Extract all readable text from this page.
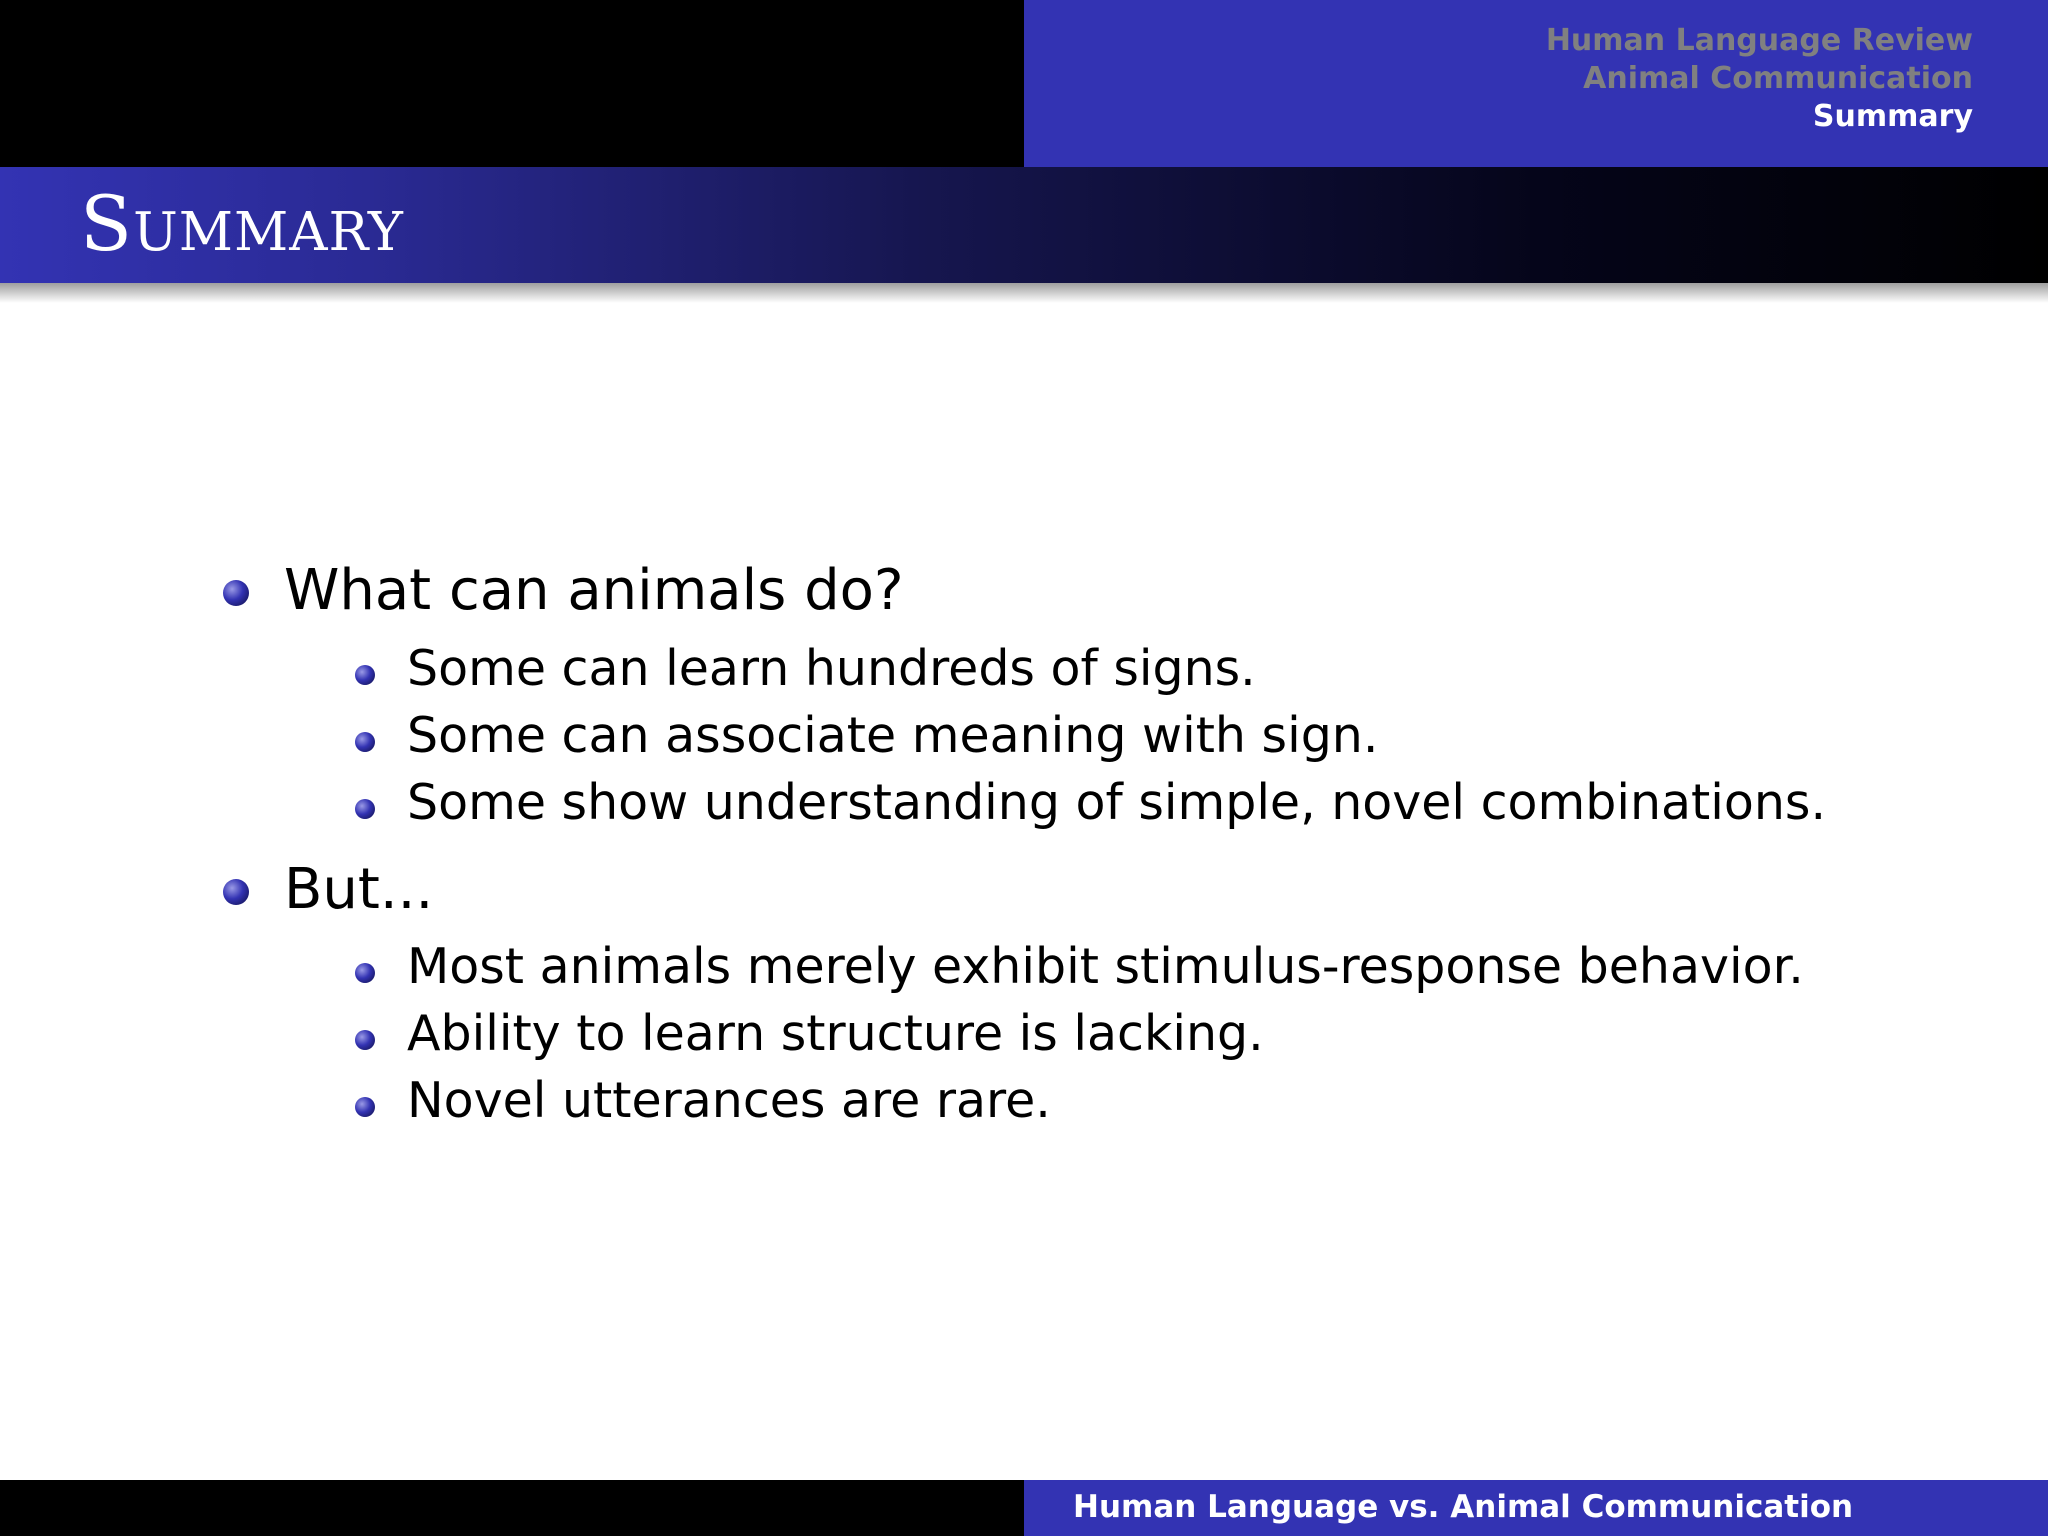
Human Language Review
Animal Communication
Summary
Summary
What can animals do?
Some can learn hundreds of signs.
Some can associate meaning with sign.
Some show understanding of simple, novel combinations.
But...
Most animals merely exhibit stimulus-response behavior.
Ability to learn structure is lacking.
Novel utterances are rare.
Human Language vs. Animal Communication
